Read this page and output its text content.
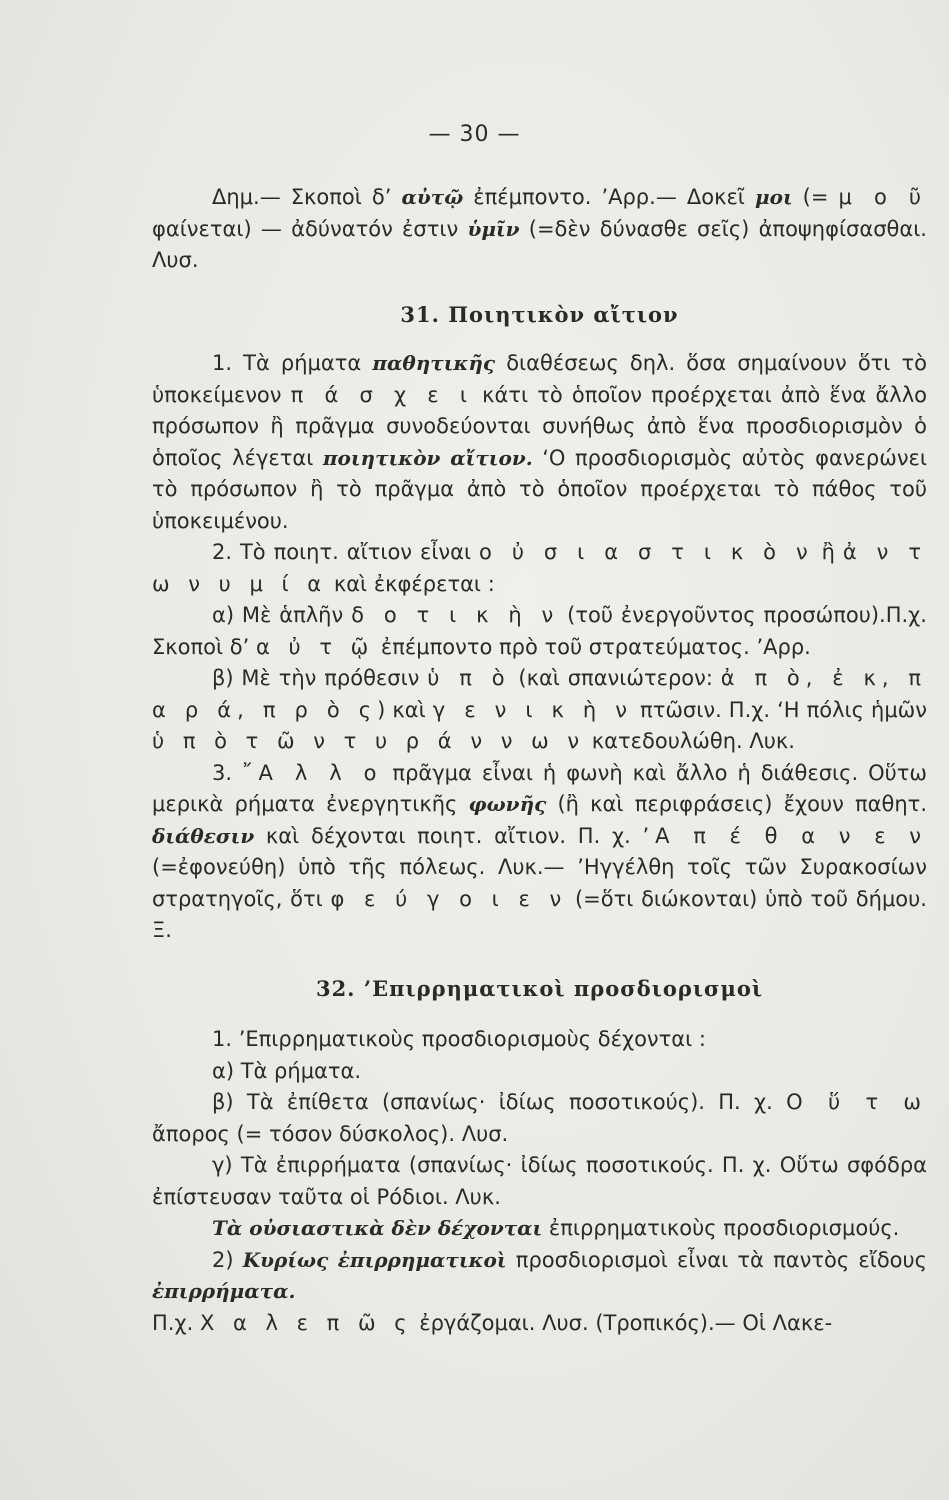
— 30 —

Δημ.— Σκοποὶ δ’ αὐτῷ ἐπέμποντο. ’Αρρ.— Δοκεῖ μοι (= μ ο ῦ φαίνεται) — ἀδύνατόν ἐστιν ὑμῖν (=δὲν δύνασθε σεῖς) ἀποψηφίσασθαι. Λυσ.

31. Ποιητικὸν αἴτιον

1. Τὰ ρήματα παθητικῆς διαθέσεως δηλ. ὅσα σημαίνουν ὅτι τὸ ὑποκείμενον π ά σ χ ε ι κάτι τὸ ὁποῖον προέρχεται ἀπὸ ἕνα ἄλλο πρόσωπον ἢ πρᾶγμα συνοδεύονται συνήθως ἀπὸ ἕνα προσδιορισμὸν ὁ ὁποῖος λέγεται ποιητικὸν αἴτιον. ‘Ο προσδιορισμὸς αὐτὸς φανερώνει τὸ πρόσωπον ἢ τὸ πρᾶγμα ἀπὸ τὸ ὁποῖον προέρχεται τὸ πάθος τοῦ ὑποκειμένου.

2. Τὸ ποιητ. αἴτιον εἶναι ο ὐ σ ι α σ τ ι κ ὸ ν ἢ ἀ ν τ ω ν υ μ ί α καὶ ἐκφέρεται :

α) Μὲ ἁπλῆν δ ο τ ι κ ὴ ν (τοῦ ἐνεργοῦντος προσώπου).Π.χ. Σκοποὶ δ’ α ὐ τ ῷ ἐπέμποντο πρὸ τοῦ στρατεύματος. ’Αρρ.

β) Μὲ τὴν πρόθεσιν ὑ π ὸ (καὶ σπανιώτερον: ἀ π ὸ, ἐ κ, π α ρ ά, π ρ ὸ ς) καὶ γ ε ν ι κ ὴ ν πτῶσιν. Π.χ. ‘Η πόλις ἡμῶν ὑ π ὸ τ ῶ ν τ υ ρ ά ν ν ω ν κατεδουλώθη. Λυκ.

3. ῎Α λ λ ο πρᾶγμα εἶναι ἡ φωνὴ καὶ ἄλλο ἡ διάθεσις. Οὕτω μερικὰ ρήματα ἐνεργητικῆς φωνῆς (ἢ καὶ περιφράσεις) ἔχουν παθητ. διάθεσιν καὶ δέχονται ποιητ. αἴτιον. Π. χ. ’Α π έ θ α ν ε ν (=ἐφονεύθη) ὑπὸ τῆς πόλεως. Λυκ.— ’Ηγγέλθη τοῖς τῶν Συρακοσίων στρατηγοῖς, ὅτι φ ε ύ γ ο ι ε ν (=ὅτι διώκονται) ὑπὸ τοῦ δήμου. Ξ.

32. ’Επιρρηματικοὶ προσδιορισμοὶ

1. ’Επιρρηματικοὺς προσδιορισμοὺς δέχονται :

α) Τὰ ρήματα.

β) Τὰ ἐπίθετα (σπανίως· ἰδίως ποσοτικούς). Π. χ. Ο ὕ τ ω ἄπορος (= τόσον δύσκολος). Λυσ.

γ) Τὰ ἐπιρρήματα (σπανίως· ἰδίως ποσοτικούς. Π. χ. Οὕτω σφόδρα ἐπίστευσαν ταῦτα οἱ Ρόδιοι. Λυκ.

Τὰ οὐσιαστικὰ δὲν δέχονται ἐπιρρηματικοὺς προσδιορισμούς.

2) Κυρίως ἐπιρρηματικοὶ προσδιορισμοὶ εἶναι τὰ παντὸς εἴδους ἐπιρρήματα.

Π.χ. Χ α λ ε π ῶ ς ἐργάζομαι. Λυσ. (Τροπικός).— Οἱ Λακε-
